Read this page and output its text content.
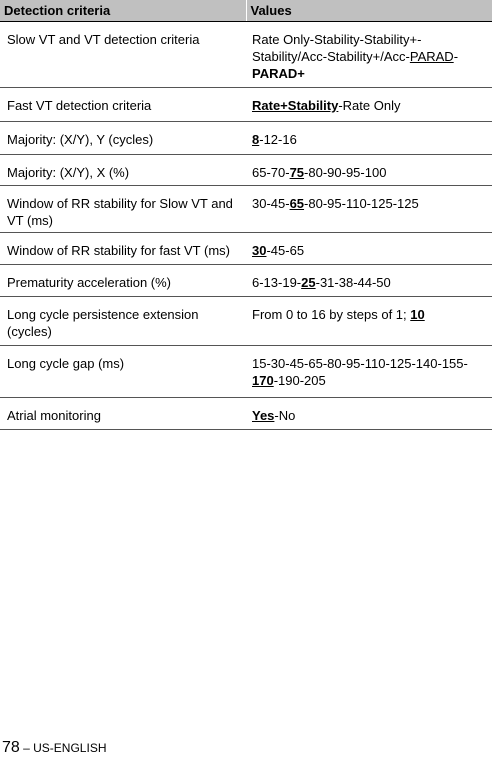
Detection criteria	Values
Slow VT and VT detection criteria	Rate Only-Stability-Stability+-Stability/Acc-Stability+/Acc-PARAD-PARAD+
Fast VT detection criteria	Rate+Stability-Rate Only
Majority: (X/Y), Y (cycles)	8-12-16
Majority: (X/Y), X (%)	65-70-75-80-90-95-100
Window of RR stability for Slow VT and VT (ms)	30-45-65-80-95-110-125-125
Window of RR stability for fast VT (ms)	30-45-65
Prematurity acceleration (%)	6-13-19-25-31-38-44-50
Long cycle persistence extension (cycles)	From 0 to 16 by steps of 1; 10
Long cycle gap (ms)	15-30-45-65-80-95-110-125-140-155-170-190-205
Atrial monitoring	Yes-No
78 – US-ENGLISH
